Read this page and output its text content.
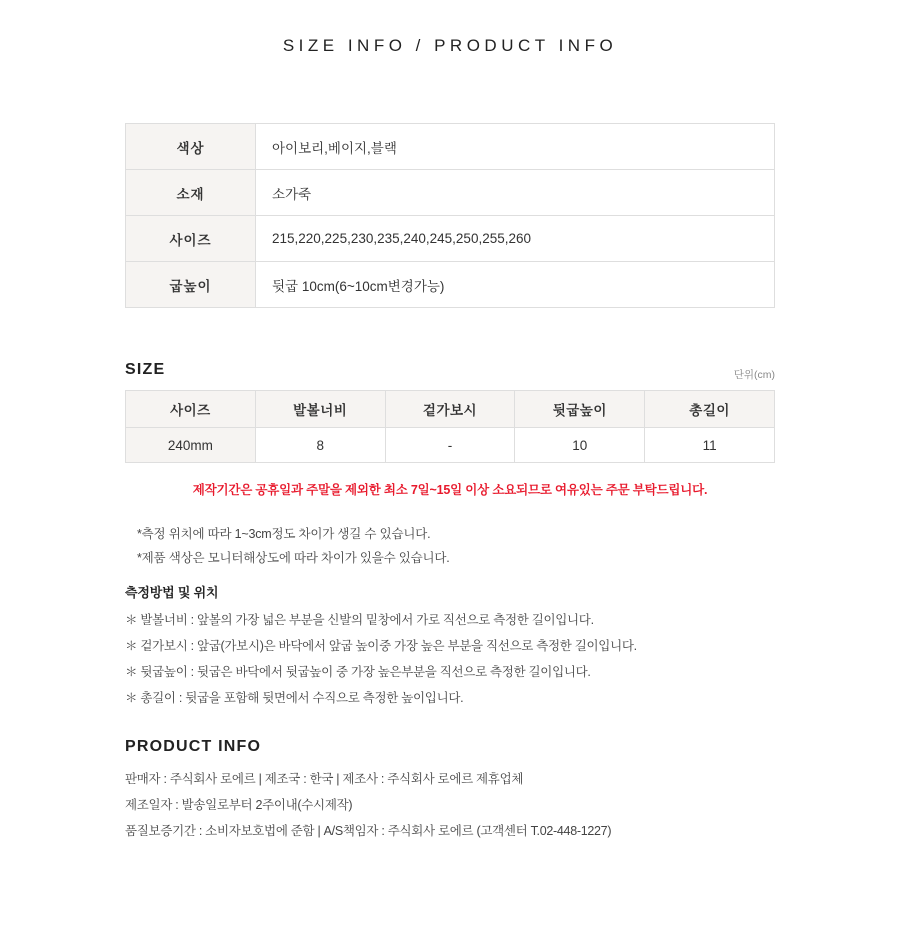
SIZE INFO / PRODUCT INFO
색상	아이보리,베이지,블랙
소재	소가죽
사이즈	215,220,225,230,235,240,245,250,255,260
굽높이	뒷굽 10cm(6~10cm변경가능)
SIZE	단위(cm)
사이즈	발볼너비	겉가보시	뒷굽높이	총길이
240mm	8	-	10	11
제작기간은 공휴일과 주말을 제외한 최소 7일~15일 이상 소요되므로 여유있는 주문 부탁드립니다.

*측정 위치에 따라 1~3cm정도 차이가 생길 수 있습니다.

*제품 색상은 모니터해상도에 따라 차이가 있을수 있습니다.

측정방법 및 위치

＊ 발볼너비 : 앞볼의 가장 넓은 부분을 신발의 밑창에서 가로 직선으로 측정한 길이입니다.

＊ 겉가보시 : 앞굽(가보시)은 바닥에서 앞굽 높이중 가장 높은 부분을 직선으로 측정한 길이입니다.

＊ 뒷굽높이 : 뒷굽은 바닥에서 뒷굽높이 중 가장 높은부분을 직선으로 측정한 길이입니다.

＊ 총길이 : 뒷굽을 포함해 뒷면에서 수직으로 측정한 높이입니다.

PRODUCT INFO

판매자 : 주식회사 로에르 | 제조국 : 한국 | 제조사 : 주식회사 로에르 제휴업체

제조일자 : 발송일로부터 2주이내(수시제작)

품질보증기간 : 소비자보호법에 준함 | A/S책임자 : 주식회사 로에르 (고객센터 T.02-448-1227)
